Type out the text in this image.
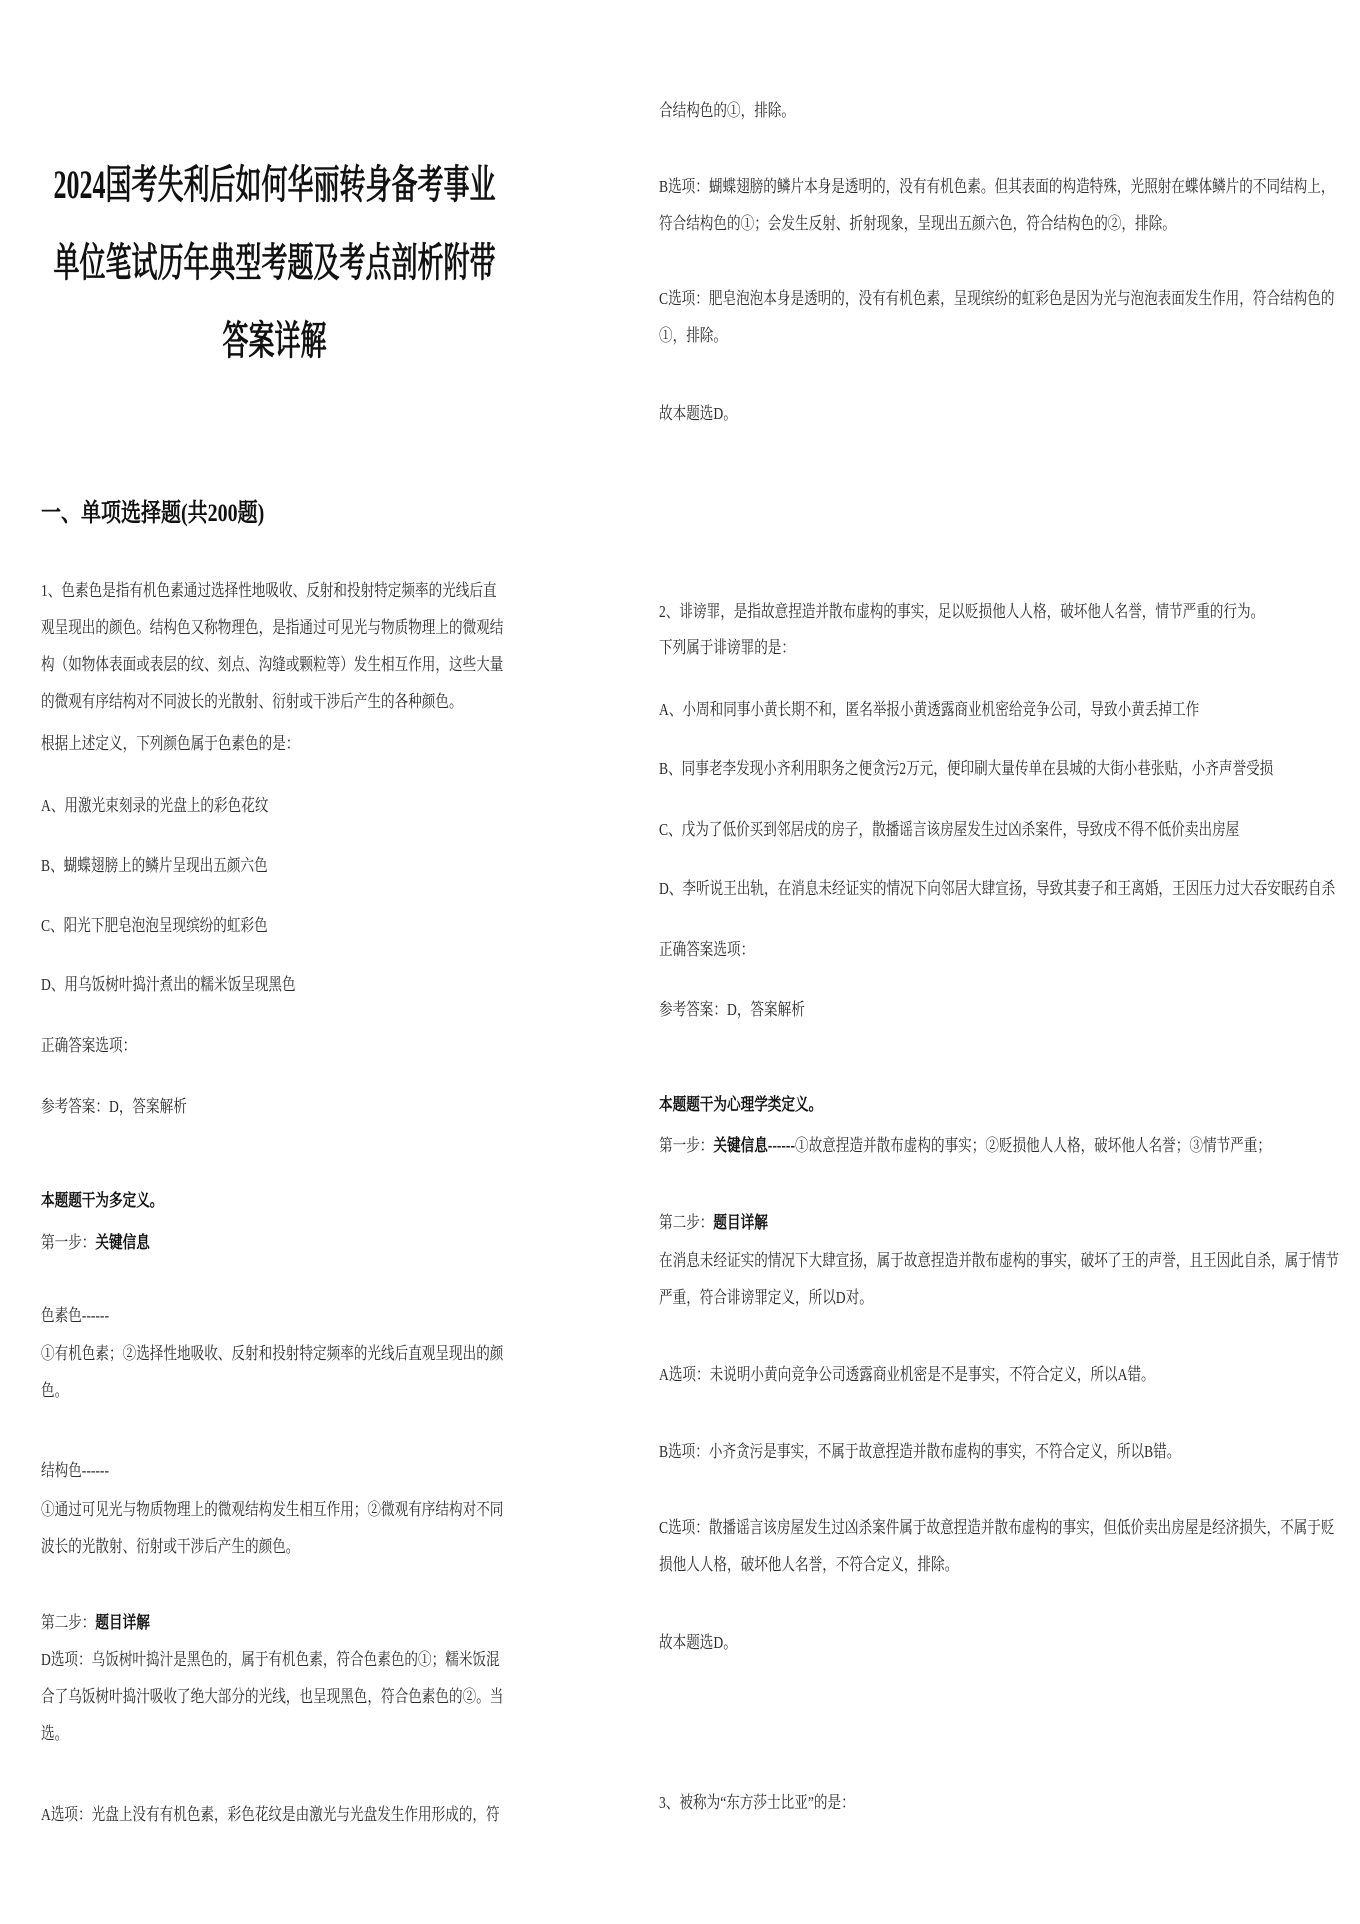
2024国考失利后如何华丽转身备考事业单位笔试历年典型考题及考点剖析附带答案详解
一、单项选择题(共200题)
1、色素色是指有机色素通过选择性地吸收、反射和投射特定频率的光线后直观呈现出的颜色。结构色又称物理色，是指通过可见光与物质物理上的微观结构（如物体表面或表层的纹、刻点、沟缝或颗粒等）发生相互作用，这些大量的微观有序结构对不同波长的光散射、衍射或干涉后产生的各种颜色。
根据上述定义，下列颜色属于色素色的是：
A、用激光束刻录的光盘上的彩色花纹
B、蝴蝶翅膀上的鳞片呈现出五颜六色
C、阳光下肥皂泡泡呈现缤纷的虹彩色
D、用乌饭树叶捣汁煮出的糯米饭呈现黑色
正确答案选项：
参考答案：D，答案解析
本题题干为多定义。
第一步：关键信息
色素色------
①有机色素；②选择性地吸收、反射和投射特定频率的光线后直观呈现出的颜色。
结构色------
①通过可见光与物质物理上的微观结构发生相互作用；②微观有序结构对不同波长的光散射、衍射或干涉后产生的颜色。
第二步：题目详解
D选项：乌饭树叶捣汁是黑色的，属于有机色素，符合色素色的①；糯米饭混合了乌饭树叶捣汁吸收了绝大部分的光线，也呈现黑色，符合色素色的②。当选。
A选项：光盘上没有有机色素，彩色花纹是由激光与光盘发生作用形成的，符
合结构色的①，排除。
B选项：蝴蝶翅膀的鳞片本身是透明的，没有有机色素。但其表面的构造特殊，光照射在蝶体鳞片的不同结构上，符合结构色的①；会发生反射、折射现象，呈现出五颜六色，符合结构色的②，排除。
C选项：肥皂泡泡本身是透明的，没有有机色素，呈现缤纷的虹彩色是因为光与泡泡表面发生作用，符合结构色的①，排除。
故本题选D。
2、诽谤罪，是指故意捏造并散布虚构的事实，足以贬损他人人格，破坏他人名誉，情节严重的行为。
下列属于诽谤罪的是：
A、小周和同事小黄长期不和，匿名举报小黄透露商业机密给竞争公司，导致小黄丢掉工作
B、同事老李发现小齐利用职务之便贪污2万元，便印刷大量传单在县城的大街小巷张贴，小齐声誉受损
C、戊为了低价买到邻居戌的房子，散播谣言该房屋发生过凶杀案件，导致戌不得不低价卖出房屋
D、李听说王出轨，在消息未经证实的情况下向邻居大肆宣扬，导致其妻子和王离婚，王因压力过大吞安眠药自杀
正确答案选项：
参考答案：D，答案解析
本题题干为心理学类定义。
第一步：关键信息------①故意捏造并散布虚构的事实；②贬损他人人格，破坏他人名誉；③情节严重；
第二步：题目详解
在消息未经证实的情况下大肆宣扬，属于故意捏造并散布虚构的事实，破坏了王的声誉，且王因此自杀，属于情节严重，符合诽谤罪定义，所以D对。
A选项：未说明小黄向竞争公司透露商业机密是不是事实，不符合定义，所以A错。
B选项：小齐贪污是事实，不属于故意捏造并散布虚构的事实，不符合定义，所以B错。
C选项：散播谣言该房屋发生过凶杀案件属于故意捏造并散布虚构的事实，但低价卖出房屋是经济损失，不属于贬损他人人格，破坏他人名誉，不符合定义，排除。
故本题选D。
3、被称为“东方莎士比亚”的是：
